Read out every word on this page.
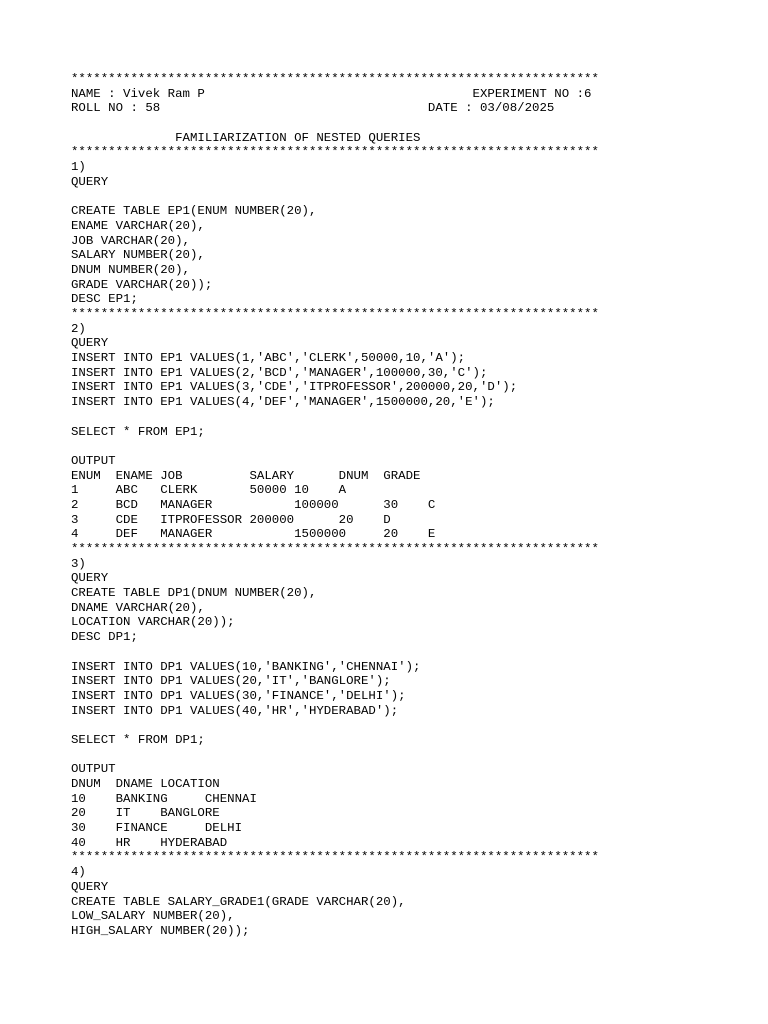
***********************************************************************
NAME : Vivek Ram P	EXPERIMENT NO :6
ROLL NO : 58	DATE : 03/08/2025
FAMILIARIZATION OF NESTED QUERIES
***********************************************************************
1)
QUERY
CREATE TABLE EP1(ENUM NUMBER(20),
ENAME VARCHAR(20),
JOB VARCHAR(20),
SALARY NUMBER(20),
DNUM NUMBER(20),
GRADE VARCHAR(20));
DESC EP1;
***********************************************************************
2)
QUERY
INSERT INTO EP1 VALUES(1,'ABC','CLERK',50000,10,'A');
INSERT INTO EP1 VALUES(2,'BCD','MANAGER',100000,30,'C');
INSERT INTO EP1 VALUES(3,'CDE','ITPROFESSOR',200000,20,'D');
INSERT INTO EP1 VALUES(4,'DEF','MANAGER',1500000,20,'E');
SELECT * FROM EP1;
OUTPUT
ENUM  ENAME JOB         SALARY      DNUM  GRADE
1     ABC   CLERK       50000 10    A
2     BCD   MANAGER           100000      30    C
3     CDE   ITPROFESSOR 200000      20    D
4     DEF   MANAGER           1500000     20    E
***********************************************************************
3)
QUERY
CREATE TABLE DP1(DNUM NUMBER(20),
DNAME VARCHAR(20),
LOCATION VARCHAR(20));
DESC DP1;
INSERT INTO DP1 VALUES(10,'BANKING','CHENNAI');
INSERT INTO DP1 VALUES(20,'IT','BANGLORE');
INSERT INTO DP1 VALUES(30,'FINANCE','DELHI');
INSERT INTO DP1 VALUES(40,'HR','HYDERABAD');
SELECT * FROM DP1;
OUTPUT
DNUM  DNAME LOCATION
10    BANKING     CHENNAI
20    IT    BANGLORE
30    FINANCE     DELHI
40    HR    HYDERABAD
***********************************************************************
4)
QUERY
CREATE TABLE SALARY_GRADE1(GRADE VARCHAR(20),
LOW_SALARY NUMBER(20),
HIGH_SALARY NUMBER(20));
